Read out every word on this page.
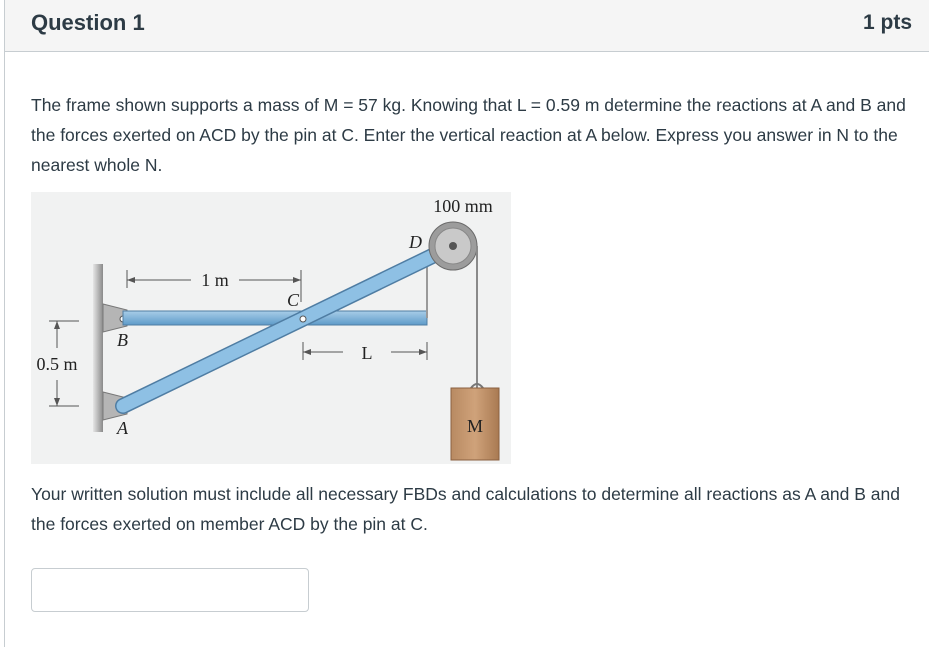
Question 1	1 pts
The frame shown supports a mass of M = 57 kg. Knowing that L = 0.59 m determine the reactions at A and B and the forces exerted on ACD by the pin at C. Enter the vertical reaction at A below. Express you answer in N to the nearest whole N.
M
100 mm
D
1 m
C
L
B
A
0.5 m
Your written solution must include all necessary FBDs and calculations to determine all reactions as A and B and the forces exerted on member ACD by the pin at C.
